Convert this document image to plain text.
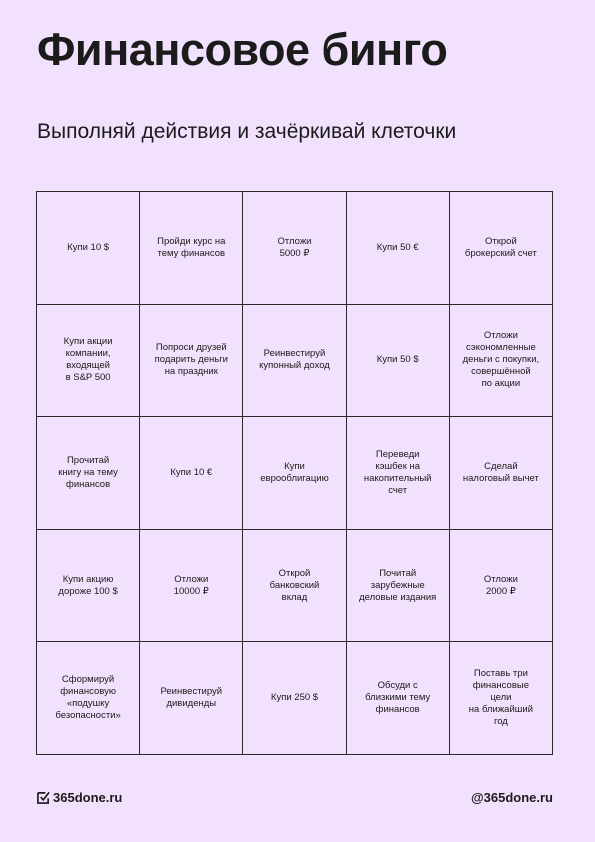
Финансовое бинго
Выполняй действия и зачёркивай клеточки
Купи 10 $
Пройди курс на
тему финансов
Отложи
5000 ₽
Купи 50 €
Открой
брокерский счет
Купи акции
компании,
входящей
в S&P 500
Попроси друзей
подарить деньги
на праздник
Реинвестируй
купонный доход
Купи 50 $
Отложи
сэкономленные
деньги с покупки,
совершённой
по акции
Прочитай
книгу на тему
финансов
Купи 10 €
Купи
еврооблигацию
Переведи
кэшбек на
накопительный
счет
Сделай
налоговый вычет
Купи акцию
дороже 100 $
Отложи
10000 ₽
Открой
банковский
вклад
Почитай
зарубежные
деловые издания
Отложи
2000 ₽
Сформируй
финансовую
«подушку
безопасности»
Реинвестируй
дивиденды
Купи 250 $
Обсуди с
близкими тему
финансов
Поставь три
финансовые
цели
на ближайший
год
365done.ru	@365done.ru
